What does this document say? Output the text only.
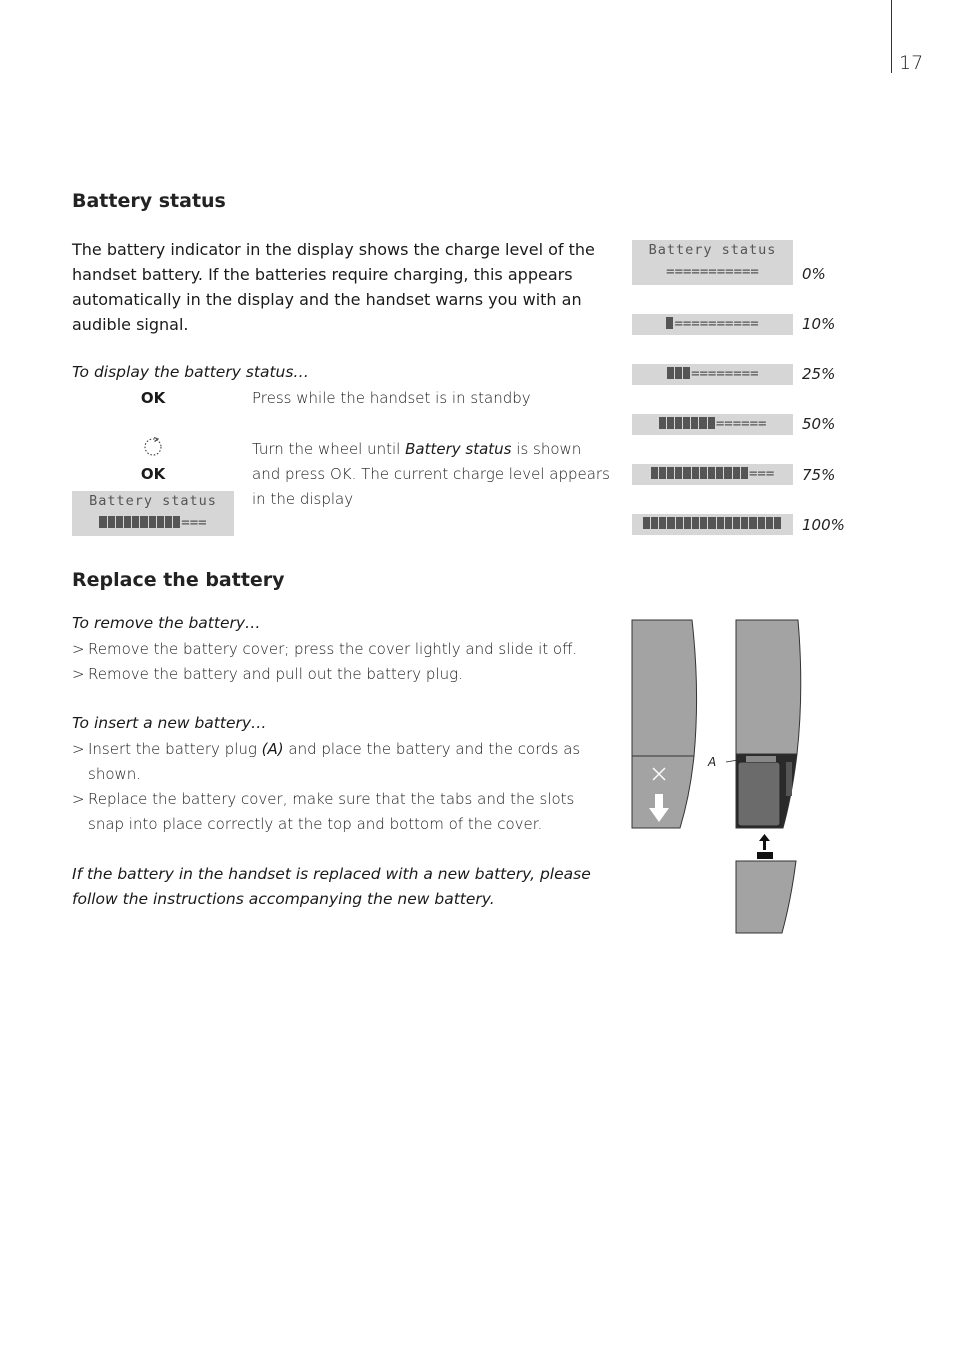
17
Battery status

The battery indicator in the display shows the charge level of the handset battery. If the batteries require charging, this appears automatically in the display and the handset warns you with an audible signal.

To display the battery status…
OK	Press while the handset is in standby
OK
Turn the wheel until Battery status is shown and press OK. The current charge level appears in the display
Battery status
===
Battery status
===========	0%
==========	10%
========	25%
======	50%
===	75%
100%
Replace the battery
To remove the battery…
> Remove the battery cover; press the cover lightly and slide it off.
> Remove the battery and pull out the battery plug.
To insert a new battery…
> Insert the battery plug (A) and place the battery and the cords as shown.
> Replace the battery cover, make sure that the tabs and the slots snap into place correctly at the top and bottom of the cover.

If the battery in the handset is replaced with a new battery, please follow the instructions accompanying the new battery.

A
